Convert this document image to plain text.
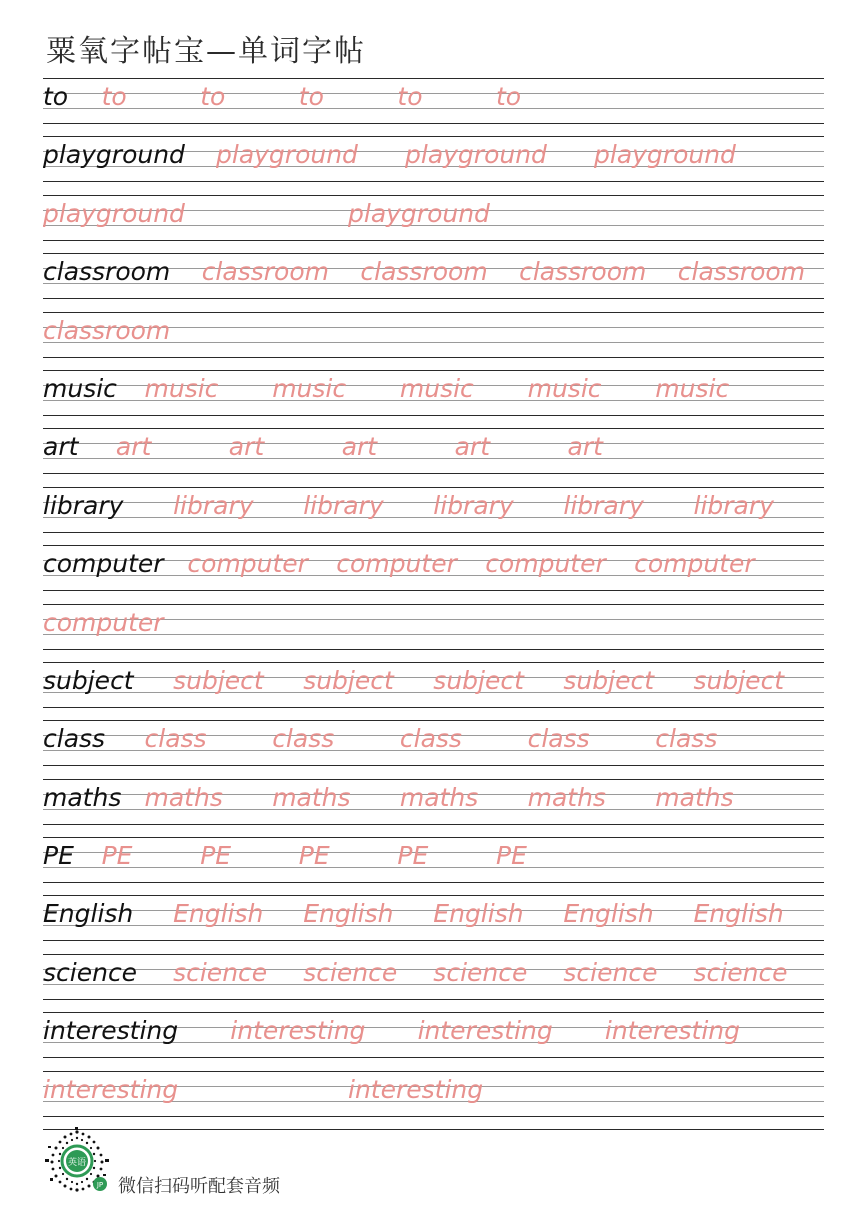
粟氧字帖宝—单词字帖
to to	to	to	to	to
playground playground playground playground
playground	playground
classroom classroom classroom classroom classroom
classroom
music music music music music music
art art	art	art	art	art
library library library library library library
computer computer computer computer computer
computer
subject subject subject subject subject subject
class class	class	class	class	class
maths maths maths maths maths maths
PE PE	PE	PE	PE	PE
English English English English English English
science science science science science science
interesting interesting interesting interesting
interesting	interesting
英语
JP 微信扫码听配套音频
